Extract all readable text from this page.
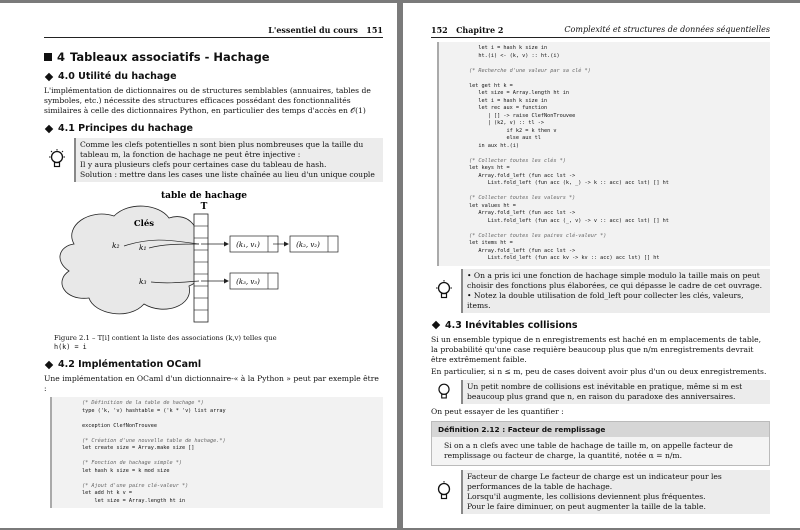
L'essentiel du cours 151
4 Tableaux associatifs - Hachage
4.0 Utilité du hachage

L'implémentation de dictionnaires ou de structures semblables (annuaires, tables de symboles, etc.) nécessite des structures efficaces possédant des fonctionnalités similaires à celle des dictionnaires Python, en particulier des temps d'accès en 𝒪(1)

4.1 Principes du hachage
Comme les clefs potentielles n sont bien plus nombreuses que la taille du tableau m, la fonction de hachage ne peut être injective :
Il y aura plusieurs clefs pour certaines case du tableau de hash.
Solution : mettre dans les cases une liste chaînée au lieu d'un unique couple
table de hachage
T
Clés
k₂	k₁
k₃
(k₁, v₁)	(k₂, v₂)
(k₃, v₃)
Figure 2.1 – T[i] contient la liste des associations (k,v) telles que
h(k) = i
4.2 Implémentation OCaml

Une implémentation en OCaml d'un dictionnaire-« à la Python » peut par exemple être :

(* Définition de la table de hachage *)
type ('k, 'v) hashtable = ('k * 'v) list array

exception ClefNonTrouvee

(* Création d'une nouvelle table de hachage.*)
let create size = Array.make size []

(* Fonction de hachage simple *)
let hash k size = k mod size

(* Ajout d'une paire clé-valeur *)
let add ht k v =
let size = Array.length ht in
152 Chapitre 2	Complexité et structures de données séquentielles
let i = hash k size in
ht.(i) <- (k, v) :: ht.(i)

(* Recherche d'une valeur par sa clé *)

let get ht k =
let size = Array.length ht in
let i = hash k size in
let rec aux = function
| [] -> raise ClefNonTrouvee
| (k2, v) :: tl ->
if k2 = k then v
else aux tl
in aux ht.(i)

(* Collecter toutes les clés *)
let keys ht =
Array.fold_left (fun acc lst ->
List.fold_left (fun acc (k, _) -> k :: acc) acc lst) [] ht

(* Collecter toutes les valeurs *)
let values ht =
Array.fold_left (fun acc lst ->
List.fold_left (fun acc (_, v) -> v :: acc) acc lst) [] ht

(* Collecter toutes les paires clé-valeur *)
let items ht =
Array.fold_left (fun acc lst ->
List.fold_left (fun acc kv -> kv :: acc) acc lst) [] ht
• On a pris ici une fonction de hachage simple modulo la taille mais on peut choisir des fonctions plus élaborées, ce qui dépasse le cadre de cet ouvrage.
• Notez la double utilisation de fold_left pour collecter les clés, valeurs, items.
4.3 Inévitables collisions

Si un ensemble typique de n enregistrements est haché en m emplacements de table, la probabilité qu'une case requière beaucoup plus que n/m enregistrements devrait être extrêmement faible.

En particulier, si n ≤ m, peu de cases doivent avoir plus d'un ou deux enregistrements.

Un petit nombre de collisions est inévitable en pratique, même si m est beaucoup plus grand que n, en raison du paradoxe des anniversaires.

On peut essayer de les quantifier :

Définition 2.12 : Facteur de remplissage
Si on a n clefs avec une table de hachage de taille m, on appelle facteur de remplissage ou facteur de charge, la quantité, notée α = n/m.
Facteur de charge Le facteur de charge est un indicateur pour les performances de la table de hachage.
Lorsqu'il augmente, les collisions deviennent plus fréquentes.
Pour le faire diminuer, on peut augmenter la taille de la table.
